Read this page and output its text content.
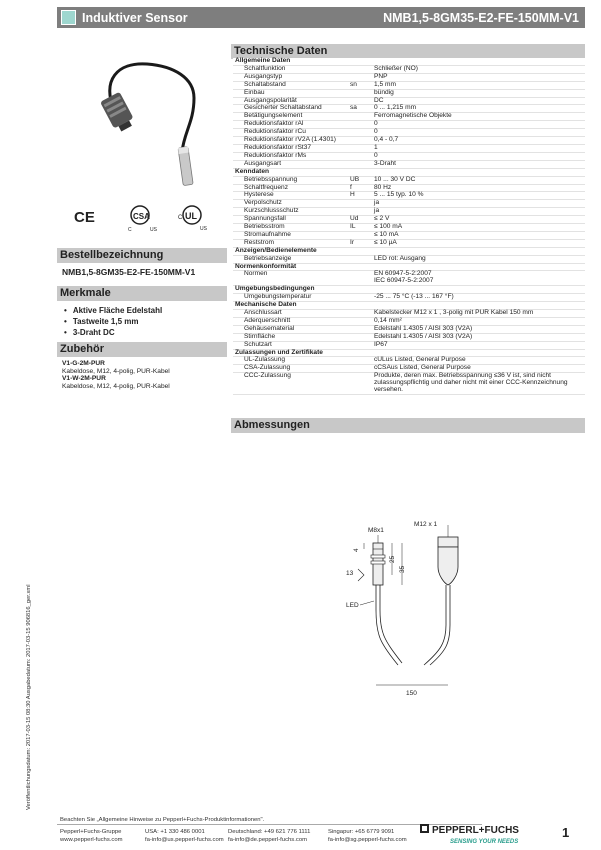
Induktiver Sensor	NMB1,5-8GM35-E2-FE-150MM-V1
CE	CSA
C	US
UL
C
US
Bestellbezeichnung
NMB1,5-8GM35-E2-FE-150MM-V1
Merkmale
• Aktive Fläche Edelstahl
• Tastweite 1,5 mm
• 3-Draht DC
Zubehör
V1-G-2M-PUR
Kabeldose, M12, 4-polig, PUR-Kabel
V1-W-2M-PUR
Kabeldose, M12, 4-polig, PUR-Kabel
Technische Daten
Allgemeine Daten			
	Schaltfunktion		Schließer (NO)
	Ausgangstyp		PNP
	Schaltabstand	sn	1,5 mm
	Einbau		bündig
	Ausgangspolarität		DC
	Gesicherter Schaltabstand	sa	0 ... 1,215 mm
	Betätigungselement		Ferromagnetische Objekte
	Reduktionsfaktor rAl		0
	Reduktionsfaktor rCu		0
	Reduktionsfaktor rV2A (1.4301)		0,4 - 0,7
	Reduktionsfaktor rSt37		1
	Reduktionsfaktor rMs		0
	Ausgangsart		3-Draht
Kenndaten			
	Betriebsspannung	UB	10 ... 30 V DC
	Schaltfrequenz	f	80 Hz
	Hysterese	H	5 ... 15 typ. 10 %
	Verpolschutz		ja
	Kurzschlussschutz		ja
	Spannungsfall	Ud	≤ 2 V
	Betriebsstrom	IL	≤ 100 mA
	Stromaufnahme		≤ 10 mA
	Reststrom	Ir	≤ 10 µA
Anzeigen/Bedienelemente			
	Betriebsanzeige		LED rot: Ausgang
Normenkonformität			
	Normen		EN 60947-5-2:2007
IEC 60947-5-2:2007
Umgebungsbedingungen			
	Umgebungstemperatur		-25 ... 75 °C (-13 ... 167 °F)
Mechanische Daten			
	Anschlussart		Kabelstecker M12 x 1 , 3-polig mit PUR Kabel 150 mm
	Aderquerschnitt		0,14 mm²
	Gehäusematerial		Edelstahl 1.4305 / AISI 303 (V2A)
	Stirnfläche		Edelstahl 1.4305 / AISI 303 (V2A)
	Schutzart		IP67
Zulassungen und Zertifikate			
	UL-Zulassung		cULus Listed, General Purpose
	CSA-Zulassung		cCSAus Listed, General Purpose
	CCC-Zulassung		Produkte, deren max. Betriebsspannung ≤36 V ist, sind nicht zulassungspflichtig und daher nicht mit einer CCC-Kennzeichnung versehen.
Abmessungen
M8x1
25
35
4
13
LED
M12 x 1
150
Veröffentlichungsdatum: 2017-03-15 08:30 Ausgabedatum: 2017-03-15 906816_ger.xml
Beachten Sie „Allgemeine Hinweise zu Pepperl+Fuchs-Produktinformationen".
Pepperl+Fuchs-Gruppe
www.pepperl-fuchs.com
USA: +1 330 486 0001
fa-info@us.pepperl-fuchs.com
Deutschland: +49 621 776 1111
fa-info@de.pepperl-fuchs.com
Singapur: +65 6779 9091
fa-info@sg.pepperl-fuchs.com
PEPPERL+FUCHS
SENSING YOUR NEEDS
1
